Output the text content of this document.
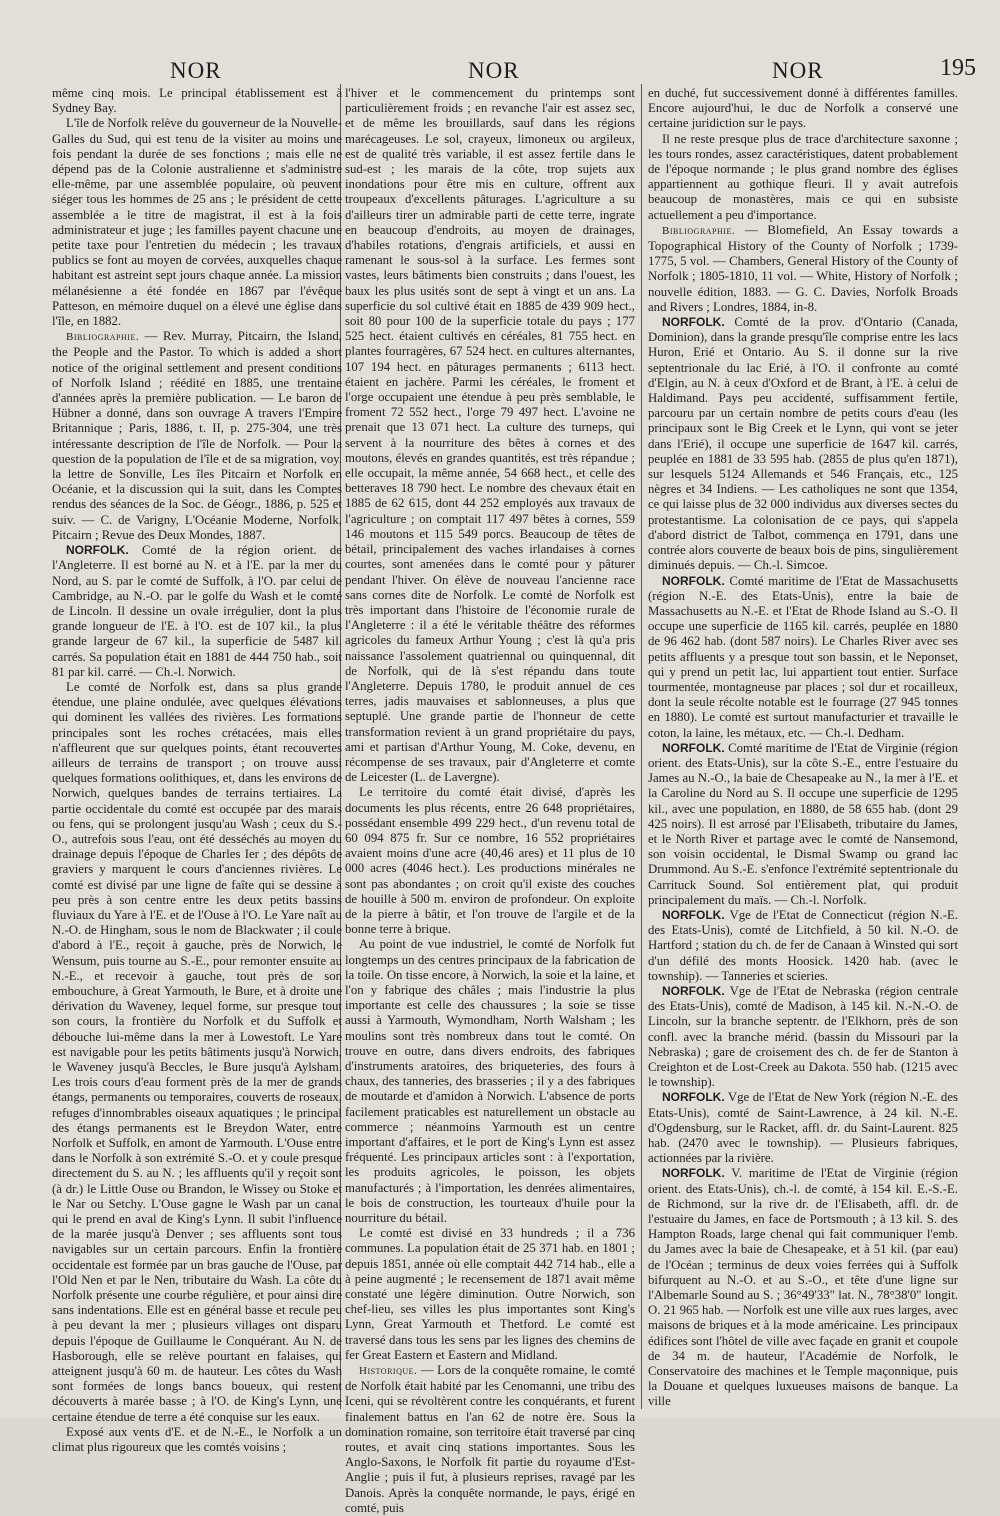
NOR	NOR	NOR	195

même cinq mois. Le principal établissement est à Sydney Bay.

L'île de Norfolk relève du gouverneur de la Nouvelle-Galles du Sud, qui est tenu de la visiter au moins une fois pendant la durée de ses fonctions ; mais elle ne dépend pas de la Colonie australienne et s'administre elle-même, par une assemblée populaire, où peuvent siéger tous les hommes de 25 ans ; le président de cette assemblée a le titre de magistrat, il est à la fois administrateur et juge ; les familles payent chacune une petite taxe pour l'entretien du médecin ; les travaux publics se font au moyen de corvées, auxquelles chaque habitant est astreint sept jours chaque année. La mission mélanésienne a été fondée en 1867 par l'évêque Patteson, en mémoire duquel on a élevé une église dans l'île, en 1882.

Bibliographie. — Rev. Murray, Pitcairn, the Island, the People and the Pastor. To which is added a short notice of the original settlement and present conditions of Norfolk Island ; réédité en 1885, une trentaine d'années après la première publication. — Le baron de Hübner a donné, dans son ouvrage A travers l'Empire Britannique ; Paris, 1886, t. II, p. 275-304, une très intéressante description de l'île de Norfolk. — Pour la question de la population de l'île et de sa migration, voy. la lettre de Sonville, Les îles Pitcairn et Norfolk en Océanie, et la discussion qui la suit, dans les Comptes rendus des séances de la Soc. de Géogr., 1886, p. 525 et suiv. — C. de Varigny, L'Océanie Moderne, Norfolk, Pitcairn ; Revue des Deux Mondes, 1887.

NORFOLK. Comté de la région orient. de l'Angleterre. Il est borné au N. et à l'E. par la mer du Nord, au S. par le comté de Suffolk, à l'O. par celui de Cambridge, au N.-O. par le golfe du Wash et le comté de Lincoln. Il dessine un ovale irrégulier, dont la plus grande longueur de l'E. à l'O. est de 107 kil., la plus grande largeur de 67 kil., la superficie de 5487 kil. carrés. Sa population était en 1881 de 444 750 hab., soit 81 par kil. carré. — Ch.-l. Norwich.

Le comté de Norfolk est, dans sa plus grande étendue, une plaine ondulée, avec quelques élévations qui dominent les vallées des rivières. Les formations principales sont les roches crétacées, mais elles n'affleurent que sur quelques points, étant recouvertes ailleurs de terrains de transport ; on trouve aussi quelques formations oolithiques, et, dans les environs de Norwich, quelques bandes de terrains tertiaires. La partie occidentale du comté est occupée par des marais ou fens, qui se prolongent jusqu'au Wash ; ceux du S.-O., autrefois sous l'eau, ont été desséchés au moyen du drainage depuis l'époque de Charles Ier ; des dépôts de graviers y marquent le cours d'anciennes rivières. Le comté est divisé par une ligne de faîte qui se dessine à peu près à son centre entre les deux petits bassins fluviaux du Yare à l'E. et de l'Ouse à l'O. Le Yare naît au N.-O. de Hingham, sous le nom de Blackwater ; il coule d'abord à l'E., reçoit à gauche, près de Norwich, le Wensum, puis tourne au S.-E., pour remonter ensuite au N.-E., et recevoir à gauche, tout près de son embouchure, à Great Yarmouth, le Bure, et à droite une dérivation du Waveney, lequel forme, sur presque tout son cours, la frontière du Norfolk et du Suffolk et débouche lui-même dans la mer à Lowestoft. Le Yare est navigable pour les petits bâtiments jusqu'à Norwich, le Waveney jusqu'à Beccles, le Bure jusqu'à Aylsham. Les trois cours d'eau forment près de la mer de grands étangs, permanents ou temporaires, couverts de roseaux, refuges d'innombrables oiseaux aquatiques ; le principal des étangs permanents est le Breydon Water, entre Norfolk et Suffolk, en amont de Yarmouth. L'Ouse entre dans le Norfolk à son extrémité S.-O. et y coule presque directement du S. au N. ; les affluents qu'il y reçoit sont (à dr.) le Little Ouse ou Brandon, le Wissey ou Stoke et le Nar ou Setchy. L'Ouse gagne le Wash par un canal qui le prend en aval de King's Lynn. Il subit l'influence de la marée jusqu'à Denver ; ses affluents sont tous navigables sur un certain parcours. Enfin la frontière occidentale est formée par un bras gauche de l'Ouse, par l'Old Nen et par le Nen, tributaire du Wash. La côte du Norfolk présente une courbe régulière, et pour ainsi dire sans indentations. Elle est en général basse et recule peu à peu devant la mer ; plusieurs villages ont disparu depuis l'époque de Guillaume le Conquérant. Au N. de Hasborough, elle se relève pourtant en falaises, qui atteignent jusqu'à 60 m. de hauteur. Les côtes du Wash sont formées de longs bancs boueux, qui restent découverts à marée basse ; à l'O. de King's Lynn, une certaine étendue de terre a été conquise sur les eaux.

Exposé aux vents d'E. et de N.-E., le Norfolk a un climat plus rigoureux que les comtés voisins ;

l'hiver et le commencement du printemps sont particulièrement froids ; en revanche l'air est assez sec, et de même les brouillards, sauf dans les régions marécageuses. Le sol, crayeux, limoneux ou argileux, est de qualité très variable, il est assez fertile dans le sud-est ; les marais de la côte, trop sujets aux inondations pour être mis en culture, offrent aux troupeaux d'excellents pâturages. L'agriculture a su d'ailleurs tirer un admirable parti de cette terre, ingrate en beaucoup d'endroits, au moyen de drainages, d'habiles rotations, d'engrais artificiels, et aussi en ramenant le sous-sol à la surface. Les fermes sont vastes, leurs bâtiments bien construits ; dans l'ouest, les baux les plus usités sont de sept à vingt et un ans. La superficie du sol cultivé était en 1885 de 439 909 hect., soit 80 pour 100 de la superficie totale du pays ; 177 525 hect. étaient cultivés en céréales, 81 755 hect. en plantes fourragères, 67 524 hect. en cultures alternantes, 107 194 hect. en pâturages permanents ; 6113 hect. étaient en jachère. Parmi les céréales, le froment et l'orge occupaient une étendue à peu près semblable, le froment 72 552 hect., l'orge 79 497 hect. L'avoine ne prenait que 13 071 hect. La culture des turneps, qui servent à la nourriture des bêtes à cornes et des moutons, élevés en grandes quantités, est très répandue ; elle occupait, la même année, 54 668 hect., et celle des betteraves 18 790 hect. Le nombre des chevaux était en 1885 de 62 615, dont 44 252 employés aux travaux de l'agriculture ; on comptait 117 497 bêtes à cornes, 559 146 moutons et 115 549 porcs. Beaucoup de têtes de bétail, principalement des vaches irlandaises à cornes courtes, sont amenées dans le comté pour y pâturer pendant l'hiver. On élève de nouveau l'ancienne race sans cornes dite de Norfolk. Le comté de Norfolk est très important dans l'histoire de l'économie rurale de l'Angleterre : il a été le véritable théâtre des réformes agricoles du fameux Arthur Young ; c'est là qu'a pris naissance l'assolement quatriennal ou quinquennal, dit de Norfolk, qui de là s'est répandu dans toute l'Angleterre. Depuis 1780, le produit annuel de ces terres, jadis mauvaises et sablonneuses, a plus que septuplé. Une grande partie de l'honneur de cette transformation revient à un grand propriétaire du pays, ami et partisan d'Arthur Young, M. Coke, devenu, en récompense de ses travaux, pair d'Angleterre et comte de Leicester (L. de Lavergne).

Le territoire du comté était divisé, d'après les documents les plus récents, entre 26 648 propriétaires, possédant ensemble 499 229 hect., d'un revenu total de 60 094 875 fr. Sur ce nombre, 16 552 propriétaires avaient moins d'une acre (40,46 ares) et 11 plus de 10 000 acres (4046 hect.). Les productions minérales ne sont pas abondantes ; on croit qu'il existe des couches de houille à 500 m. environ de profondeur. On exploite de la pierre à bâtir, et l'on trouve de l'argile et de la bonne terre à brique.

Au point de vue industriel, le comté de Norfolk fut longtemps un des centres principaux de la fabrication de la toile. On tisse encore, à Norwich, la soie et la laine, et l'on y fabrique des châles ; mais l'industrie la plus importante est celle des chaussures ; la soie se tisse aussi à Yarmouth, Wymondham, North Walsham ; les moulins sont très nombreux dans tout le comté. On trouve en outre, dans divers endroits, des fabriques d'instruments aratoires, des briqueteries, des fours à chaux, des tanneries, des brasseries ; il y a des fabriques de moutarde et d'amidon à Norwich. L'absence de ports facilement praticables est naturellement un obstacle au commerce ; néanmoins Yarmouth est un centre important d'affaires, et le port de King's Lynn est assez fréquenté. Les principaux articles sont : à l'exportation, les produits agricoles, le poisson, les objets manufacturés ; à l'importation, les denrées alimentaires, le bois de construction, les tourteaux d'huile pour la nourriture du bétail.

Le comté est divisé en 33 hundreds ; il a 736 communes. La population était de 25 371 hab. en 1801 ; depuis 1851, année où elle comptait 442 714 hab., elle a à peine augmenté ; le recensement de 1871 avait même constaté une légère diminution. Outre Norwich, son chef-lieu, ses villes les plus importantes sont King's Lynn, Great Yarmouth et Thetford. Le comté est traversé dans tous les sens par les lignes des chemins de fer Great Eastern et Eastern and Midland.

Historique. — Lors de la conquête romaine, le comté de Norfolk était habité par les Cenomanni, une tribu des Iceni, qui se révoltèrent contre les conquérants, et furent finalement battus en l'an 62 de notre ère. Sous la domination romaine, son territoire était traversé par cinq routes, et avait cinq stations importantes. Sous les Anglo-Saxons, le Norfolk fit partie du royaume d'Est-Anglie ; puis il fut, à plusieurs reprises, ravagé par les Danois. Après la conquête normande, le pays, érigé en comté, puis

en duché, fut successivement donné à différentes familles. Encore aujourd'hui, le duc de Norfolk a conservé une certaine juridiction sur le pays.

Il ne reste presque plus de trace d'architecture saxonne ; les tours rondes, assez caractéristiques, datent probablement de l'époque normande ; le plus grand nombre des églises appartiennent au gothique fleuri. Il y avait autrefois beaucoup de monastères, mais ce qui en subsiste actuellement a peu d'importance.

Bibliographie. — Blomefield, An Essay towards a Topographical History of the County of Norfolk ; 1739-1775, 5 vol. — Chambers, General History of the County of Norfolk ; 1805-1810, 11 vol. — White, History of Norfolk ; nouvelle édition, 1883. — G. C. Davies, Norfolk Broads and Rivers ; Londres, 1884, in-8.

NORFOLK. Comté de la prov. d'Ontario (Canada, Dominion), dans la grande presqu'île comprise entre les lacs Huron, Erié et Ontario. Au S. il donne sur la rive septentrionale du lac Erié, à l'O. il confronte au comté d'Elgin, au N. à ceux d'Oxford et de Brant, à l'E. à celui de Haldimand. Pays peu accidenté, suffisamment fertile, parcouru par un certain nombre de petits cours d'eau (les principaux sont le Big Creek et le Lynn, qui vont se jeter dans l'Erié), il occupe une superficie de 1647 kil. carrés, peuplée en 1881 de 33 595 hab. (2855 de plus qu'en 1871), sur lesquels 5124 Allemands et 546 Français, etc., 125 nègres et 34 Indiens. — Les catholiques ne sont que 1354, ce qui laisse plus de 32 000 individus aux diverses sectes du protestantisme. La colonisation de ce pays, qui s'appela d'abord district de Talbot, commença en 1791, dans une contrée alors couverte de beaux bois de pins, singulièrement diminués depuis. — Ch.-l. Simcoe.

NORFOLK. Comté maritime de l'Etat de Massachusetts (région N.-E. des Etats-Unis), entre la baie de Massachusetts au N.-E. et l'Etat de Rhode Island au S.-O. Il occupe une superficie de 1165 kil. carrés, peuplée en 1880 de 96 462 hab. (dont 587 noirs). Le Charles River avec ses petits affluents y a presque tout son bassin, et le Neponset, qui y prend un petit lac, lui appartient tout entier. Surface tourmentée, montagneuse par places ; sol dur et rocailleux, dont la seule récolte notable est le fourrage (27 945 tonnes en 1880). Le comté est surtout manufacturier et travaille le coton, la laine, les métaux, etc. — Ch.-l. Dedham.

NORFOLK. Comté maritime de l'Etat de Virginie (région orient. des Etats-Unis), sur la côte S.-E., entre l'estuaire du James au N.-O., la baie de Chesapeake au N., la mer à l'E. et la Caroline du Nord au S. Il occupe une superficie de 1295 kil., avec une population, en 1880, de 58 655 hab. (dont 29 425 noirs). Il est arrosé par l'Elisabeth, tributaire du James, et le North River et partage avec le comté de Nansemond, son voisin occidental, le Dismal Swamp ou grand lac Drummond. Au S.-E. s'enfonce l'extrémité septentrionale du Carrituck Sound. Sol entièrement plat, qui produit principalement du maïs. — Ch.-l. Norfolk.

NORFOLK. Vge de l'Etat de Connecticut (région N.-E. des Etats-Unis), comté de Litchfield, à 50 kil. N.-O. de Hartford ; station du ch. de fer de Canaan à Winsted qui sort d'un défilé des monts Hoosick. 1420 hab. (avec le township). — Tanneries et scieries.

NORFOLK. Vge de l'Etat de Nebraska (région centrale des Etats-Unis), comté de Madison, à 145 kil. N.-N.-O. de Lincoln, sur la branche septentr. de l'Elkhorn, près de son confl. avec la branche mérid. (bassin du Missouri par la Nebraska) ; gare de croisement des ch. de fer de Stanton à Creighton et de Lost-Creek au Dakota. 550 hab. (1215 avec le township).

NORFOLK. Vge de l'Etat de New York (région N.-E. des Etats-Unis), comté de Saint-Lawrence, à 24 kil. N.-E. d'Ogdensburg, sur le Racket, affl. dr. du Saint-Laurent. 825 hab. (2470 avec le township). — Plusieurs fabriques, actionnées par la rivière.

NORFOLK. V. maritime de l'Etat de Virginie (région orient. des Etats-Unis), ch.-l. de comté, à 154 kil. E.-S.-E. de Richmond, sur la rive dr. de l'Elisabeth, affl. dr. de l'estuaire du James, en face de Portsmouth ; à 13 kil. S. des Hampton Roads, large chenal qui fait communiquer l'emb. du James avec la baie de Chesapeake, et à 51 kil. (par eau) de l'Océan ; terminus de deux voies ferrées qui à Suffolk bifurquent au N.-O. et au S.-O., et tête d'une ligne sur l'Albemarle Sound au S. ; 36°49'33" lat. N., 78°38'0" longit. O. 21 965 hab. — Norfolk est une ville aux rues larges, avec maisons de briques et à la mode américaine. Les principaux édifices sont l'hôtel de ville avec façade en granit et coupole de 34 m. de hauteur, l'Académie de Norfolk, le Conservatoire des machines et le Temple maçonnique, puis la Douane et quelques luxueuses maisons de banque. La ville
